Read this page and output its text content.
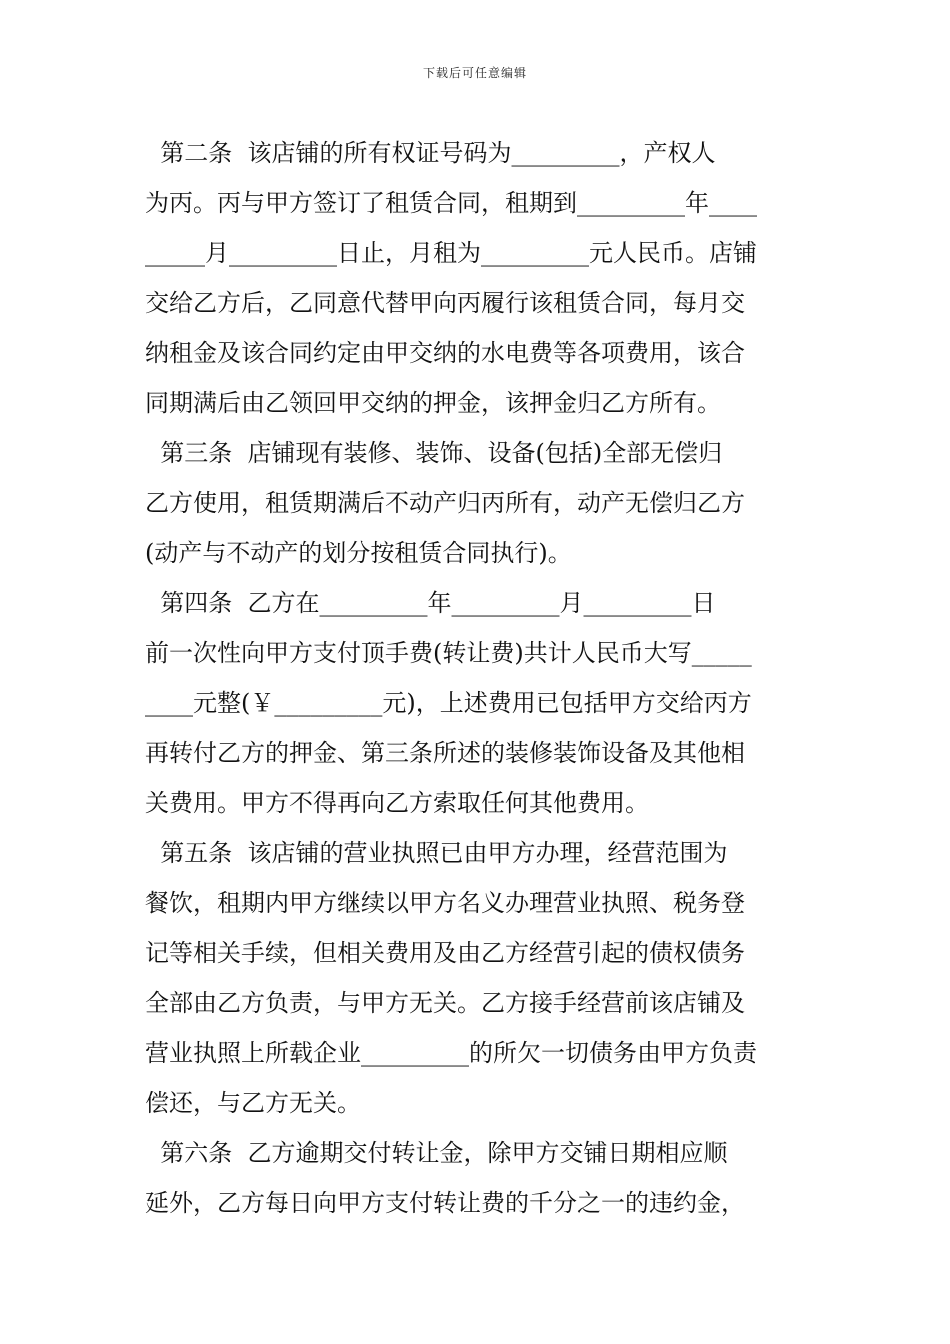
下载后可任意编辑
第二条  该店铺的所有权证号码为_________，产权人
为丙。丙与甲方签订了租赁合同，租期到_________年____
_____月_________日止，月租为_________元人民币。店铺
交给乙方后，乙同意代替甲向丙履行该租赁合同，每月交
纳租金及该合同约定由甲交纳的水电费等各项费用，该合
同期满后由乙领回甲交纳的押金，该押金归乙方所有。
第三条  店铺现有装修、装饰、设备(包括)全部无偿归
乙方使用，租赁期满后不动产归丙所有，动产无偿归乙方
(动产与不动产的划分按租赁合同执行)。
第四条  乙方在_________年_________月_________日
前一次性向甲方支付顶手费(转让费)共计人民币大写_____
____元整(￥_________元)，上述费用已包括甲方交给丙方
再转付乙方的押金、第三条所述的装修装饰设备及其他相
关费用。甲方不得再向乙方索取任何其他费用。
第五条  该店铺的营业执照已由甲方办理，经营范围为
餐饮，租期内甲方继续以甲方名义办理营业执照、税务登
记等相关手续，但相关费用及由乙方经营引起的债权债务
全部由乙方负责，与甲方无关。乙方接手经营前该店铺及
营业执照上所载企业_________的所欠一切债务由甲方负责
偿还，与乙方无关。
第六条  乙方逾期交付转让金，除甲方交铺日期相应顺
延外，乙方每日向甲方支付转让费的千分之一的违约金，
